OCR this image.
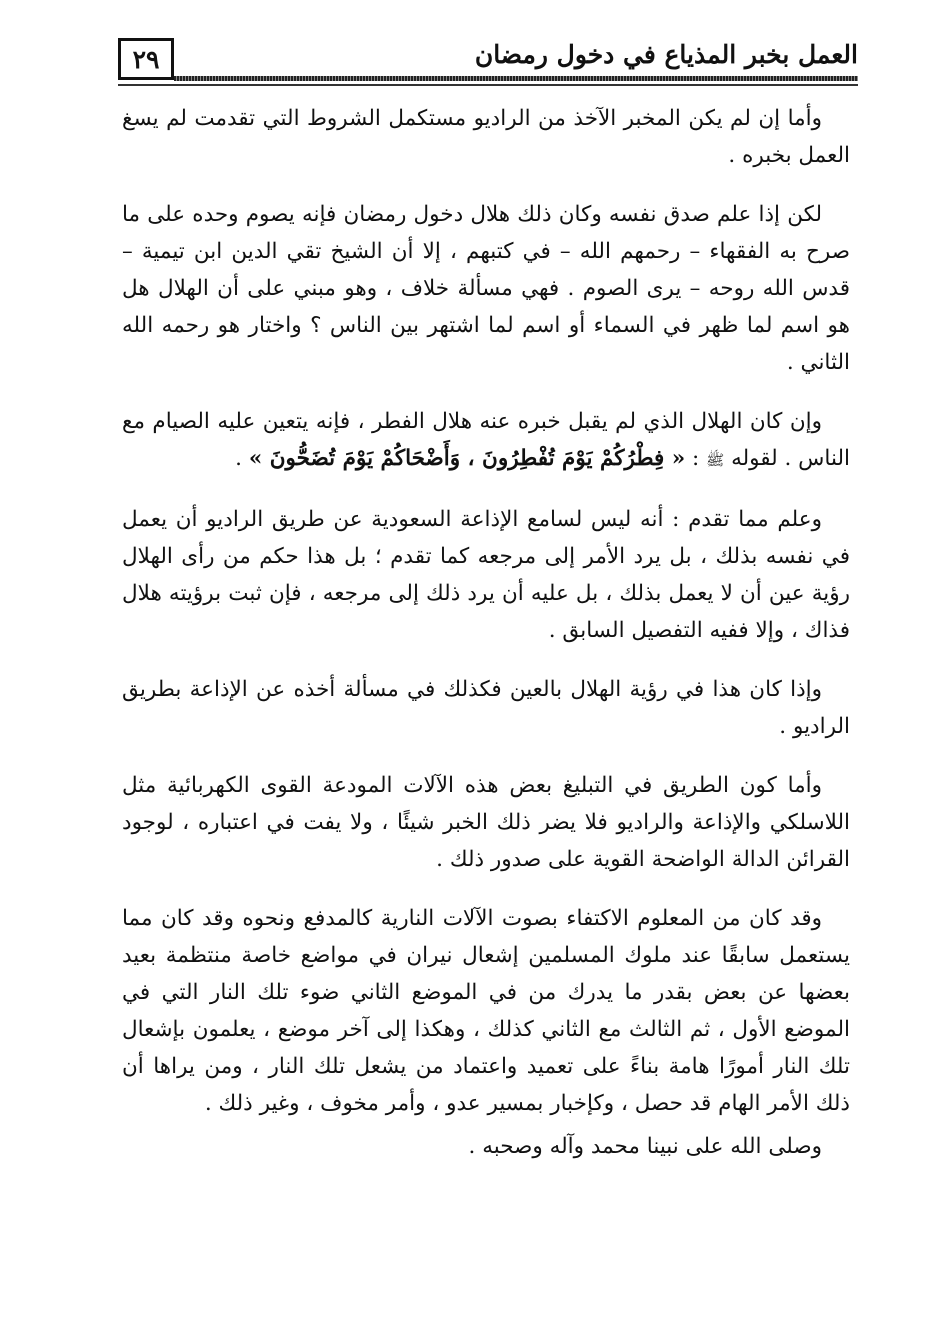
٢٩	العمل بخبر المذياع في دخول رمضان

وأما إن لم يكن المخبر الآخذ من الراديو مستكمل الشروط التي تقدمت لم يسغ العمل بخبره .

لكن إذا علم صدق نفسه وكان ذلك هلال دخول رمضان فإنه يصوم وحده على ما صرح به الفقهاء – رحمهم الله – في كتبهم ، إلا أن الشيخ تقي الدين ابن تيمية – قدس الله روحه – يرى الصوم . فهي مسألة خلاف ، وهو مبني على أن الهلال هل هو اسم لما ظهر في السماء أو اسم لما اشتهر بين الناس ؟ واختار هو رحمه الله الثاني .

وإن كان الهلال الذي لم يقبل خبره عنه هلال الفطر ، فإنه يتعين عليه الصيام مع الناس . لقوله ﷺ : « فِطْرُكُمْ يَوْمَ تُفْطِرُونَ ، وَأَضْحَاكُمْ يَوْمَ تُضَحُّونَ » .

وعلم مما تقدم : أنه ليس لسامع الإذاعة السعودية عن طريق الراديو أن يعمل في نفسه بذلك ، بل يرد الأمر إلى مرجعه كما تقدم ؛ بل هذا حكم من رأى الهلال رؤية عين أن لا يعمل بذلك ، بل عليه أن يرد ذلك إلى مرجعه ، فإن ثبت برؤيته هلال فذاك ، وإلا ففيه التفصيل السابق .

وإذا كان هذا في رؤية الهلال بالعين فكذلك في مسألة أخذه عن الإذاعة بطريق الراديو .

وأما كون الطريق في التبليغ بعض هذه الآلات المودعة القوى الكهربائية مثل اللاسلكي والإذاعة والراديو فلا يضر ذلك الخبر شيئًا ، ولا يفت في اعتباره ، لوجود القرائن الدالة الواضحة القوية على صدور ذلك .

وقد كان من المعلوم الاكتفاء بصوت الآلات النارية كالمدفع ونحوه وقد كان مما يستعمل سابقًا عند ملوك المسلمين إشعال نيران في مواضع خاصة منتظمة بعيد بعضها عن بعض بقدر ما يدرك من في الموضع الثاني ضوء تلك النار التي في الموضع الأول ، ثم الثالث مع الثاني كذلك ، وهكذا إلى آخر موضع ، يعلمون بإشعال تلك النار أمورًا هامة بناءً على تعميد واعتماد من يشعل تلك النار ، ومن يراها أن ذلك الأمر الهام قد حصل ، وكإخبار بمسير عدو ، وأمر مخوف ، وغير ذلك .

وصلى الله على نبينا محمد وآله وصحبه .
